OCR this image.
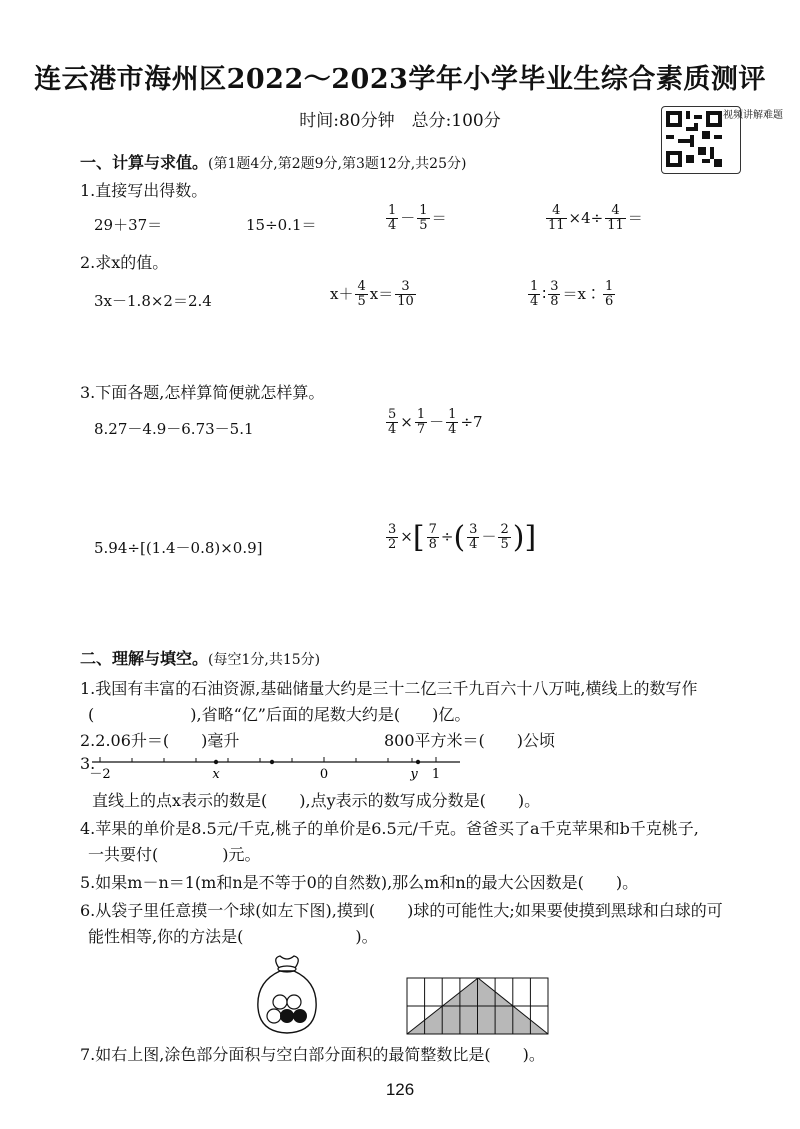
连云港市海州区2022～2023学年小学毕业生综合素质测评
时间:80分钟　总分:100分	视频讲解难题
一、计算与求值。(第1题4分,第2题9分,第3题12分,共25分)
1.直接写出得数。
29＋37＝	15÷0.1＝	$\frac{1}{4} - \frac{1}{5}$ ＝	$\frac{4}{11} \times 4\div \frac{4}{11}$ ＝
2.求x的值。
3x－1.8×2＝2.4	$x+ \frac{4}{5} x= \frac{3}{10}$	$\frac{1}{4}$ ∶ $\frac{3}{8}$ ＝x∶ $\frac{1}{6}$
3.下面各题,怎样算简便就怎样算。
8.27－4.9－6.73－5.1	$\frac{5}{4} \times \frac{1}{7} - \frac{1}{4} \div 7$
5.94÷[(1.4－0.8)×0.9]	$\frac{3}{2}$ ×[ $\frac{7}{8}$ ÷( $\frac{3}{4} - \frac{2}{5}$ )]
二、理解与填空。(每空1分,共15分)
1.我国有丰富的石油资源,基础储量大约是三十二亿三千九百六十八万吨,横线上的数写作
(　　　　　　),省略“亿”后面的尾数大约是(　　)亿。
2.2.06升＝(　　)毫升	800平方米＝(　　)公顷
3.
－2	x	0	y 1
直线上的点x表示的数是(　　),点y表示的数写成分数是(　　)。
4.苹果的单价是8.5元/千克,桃子的单价是6.5元/千克。爸爸买了a千克苹果和b千克桃子,
一共要付(　　　　)元。
5.如果m－n＝1(m和n是不等于0的自然数),那么m和n的最大公因数是(　　)。
6.从袋子里任意摸一个球(如左下图),摸到(　　)球的可能性大;如果要使摸到黑球和白球的可
能性相等,你的方法是(　　　　　　　)。
7.如右上图,涂色部分面积与空白部分面积的最简整数比是(　　)。
126
